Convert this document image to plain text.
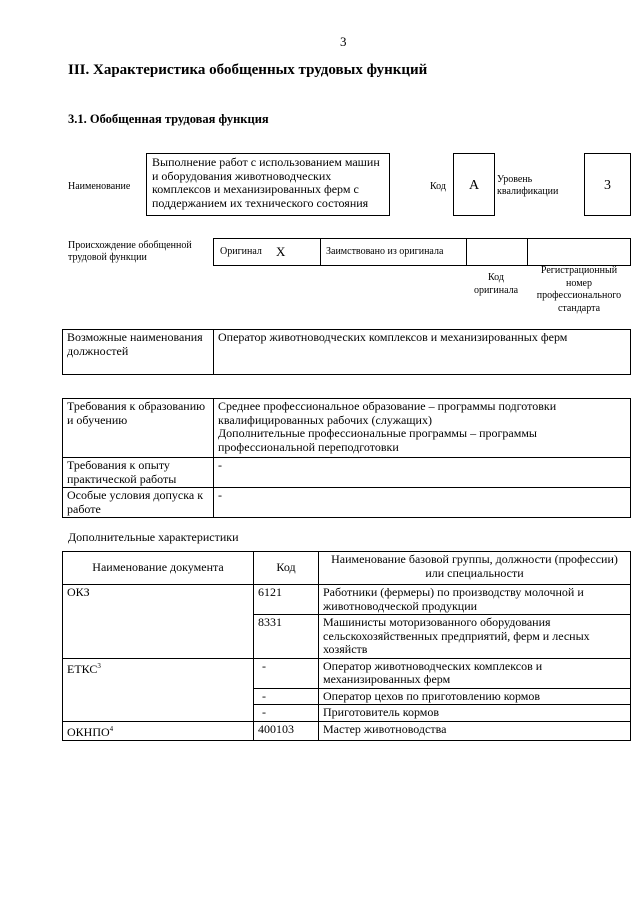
3
III. Характеристика обобщенных трудовых функций
3.1. Обобщенная трудовая функция
Наименование
Выполнение работ с использованием машин и оборудования животноводческих комплексов и механизированных ферм с поддержанием их технического состояния
Код	A	Уровень квалификации	3
Происхождение обобщенной трудовой функции
Оригинал X	Заимствовано из оригинала
Код оригинала
Регистрационный номер профессионального стандарта
Возможные наименования должностей	Оператор животноводческих комплексов и механизированных ферм
Требования к образованию и обучению	Среднее профессиональное образование – программы подготовки квалифицированных рабочих (служащих)
Дополнительные профессиональные программы – программы профессиональной переподготовки
Требования к опыту практической работы	-
Особые условия допуска к работе	-
Дополнительные характеристики
Наименование документа	Код	Наименование базовой группы, должности (профессии) или специальности
ОКЗ	6121	Работники (фермеры) по производству молочной и животноводческой продукции
	8331	Машинисты моторизованного оборудования сельскохозяйственных предприятий, ферм и лесных хозяйств
ЕТКС$^3$	-	Оператор животноводческих комплексов и механизированных ферм
	-	Оператор цехов по приготовлению кормов
	-	Приготовитель кормов
ОКНПО$^4$	400103	Мастер животноводства
